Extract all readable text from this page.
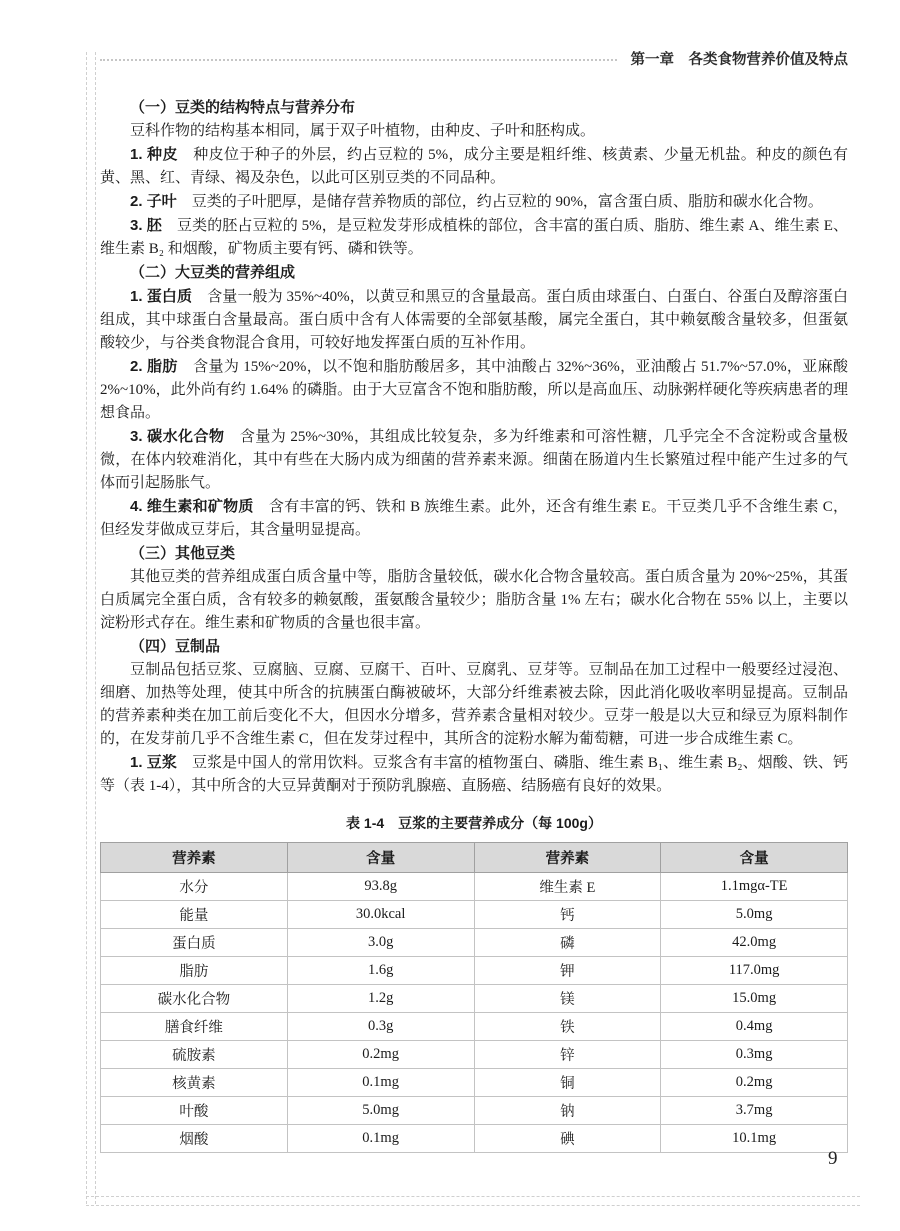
第一章　各类食物营养价值及特点

（一）豆类的结构特点与营养分布

豆科作物的结构基本相同，属于双子叶植物，由种皮、子叶和胚构成。

1. 种皮　种皮位于种子的外层，约占豆粒的 5%，成分主要是粗纤维、核黄素、少量无机盐。种皮的颜色有黄、黑、红、青绿、褐及杂色，以此可区别豆类的不同品种。

2. 子叶　豆类的子叶肥厚，是储存营养物质的部位，约占豆粒的 90%，富含蛋白质、脂肪和碳水化合物。

3. 胚　豆类的胚占豆粒的 5%，是豆粒发芽形成植株的部位，含丰富的蛋白质、脂肪、维生素 A、维生素 E、维生素 B₂ 和烟酸，矿物质主要有钙、磷和铁等。

（二）大豆类的营养组成

1. 蛋白质　含量一般为 35%~40%，以黄豆和黑豆的含量最高。蛋白质由球蛋白、白蛋白、谷蛋白及醇溶蛋白组成，其中球蛋白含量最高。蛋白质中含有人体需要的全部氨基酸，属完全蛋白，其中赖氨酸含量较多，但蛋氨酸较少，与谷类食物混合食用，可较好地发挥蛋白质的互补作用。

2. 脂肪　含量为 15%~20%，以不饱和脂肪酸居多，其中油酸占 32%~36%，亚油酸占 51.7%~57.0%，亚麻酸 2%~10%，此外尚有约 1.64% 的磷脂。由于大豆富含不饱和脂肪酸，所以是高血压、动脉粥样硬化等疾病患者的理想食品。

3. 碳水化合物　含量为 25%~30%，其组成比较复杂，多为纤维素和可溶性糖，几乎完全不含淀粉或含量极微，在体内较难消化，其中有些在大肠内成为细菌的营养素来源。细菌在肠道内生长繁殖过程中能产生过多的气体而引起肠胀气。

4. 维生素和矿物质　含有丰富的钙、铁和 B 族维生素。此外，还含有维生素 E。干豆类几乎不含维生素 C，但经发芽做成豆芽后，其含量明显提高。

（三）其他豆类

其他豆类的营养组成蛋白质含量中等，脂肪含量较低，碳水化合物含量较高。蛋白质含量为 20%~25%，其蛋白质属完全蛋白质，含有较多的赖氨酸，蛋氨酸含量较少；脂肪含量 1% 左右；碳水化合物在 55% 以上，主要以淀粉形式存在。维生素和矿物质的含量也很丰富。

（四）豆制品

豆制品包括豆浆、豆腐脑、豆腐、豆腐干、百叶、豆腐乳、豆芽等。豆制品在加工过程中一般要经过浸泡、细磨、加热等处理，使其中所含的抗胰蛋白酶被破坏，大部分纤维素被去除，因此消化吸收率明显提高。豆制品的营养素种类在加工前后变化不大，但因水分增多，营养素含量相对较少。豆芽一般是以大豆和绿豆为原料制作的，在发芽前几乎不含维生素 C，但在发芽过程中，其所含的淀粉水解为葡萄糖，可进一步合成维生素 C。

1. 豆浆　豆浆是中国人的常用饮料。豆浆含有丰富的植物蛋白、磷脂、维生素 B₁、维生素 B₂、烟酸、铁、钙等（表 1-4），其中所含的大豆异黄酮对于预防乳腺癌、直肠癌、结肠癌有良好的效果。

表 1-4　豆浆的主要营养成分（每 100g）
营养素	含量	营养素	含量
水分	93.8g	维生素 E	1.1mgα-TE
能量	30.0kcal	钙	5.0mg
蛋白质	3.0g	磷	42.0mg
脂肪	1.6g	钾	117.0mg
碳水化合物	1.2g	镁	15.0mg
膳食纤维	0.3g	铁	0.4mg
硫胺素	0.2mg	锌	0.3mg
核黄素	0.1mg	铜	0.2mg
叶酸	5.0mg	钠	3.7mg
烟酸	0.1mg	碘	10.1mg
9
